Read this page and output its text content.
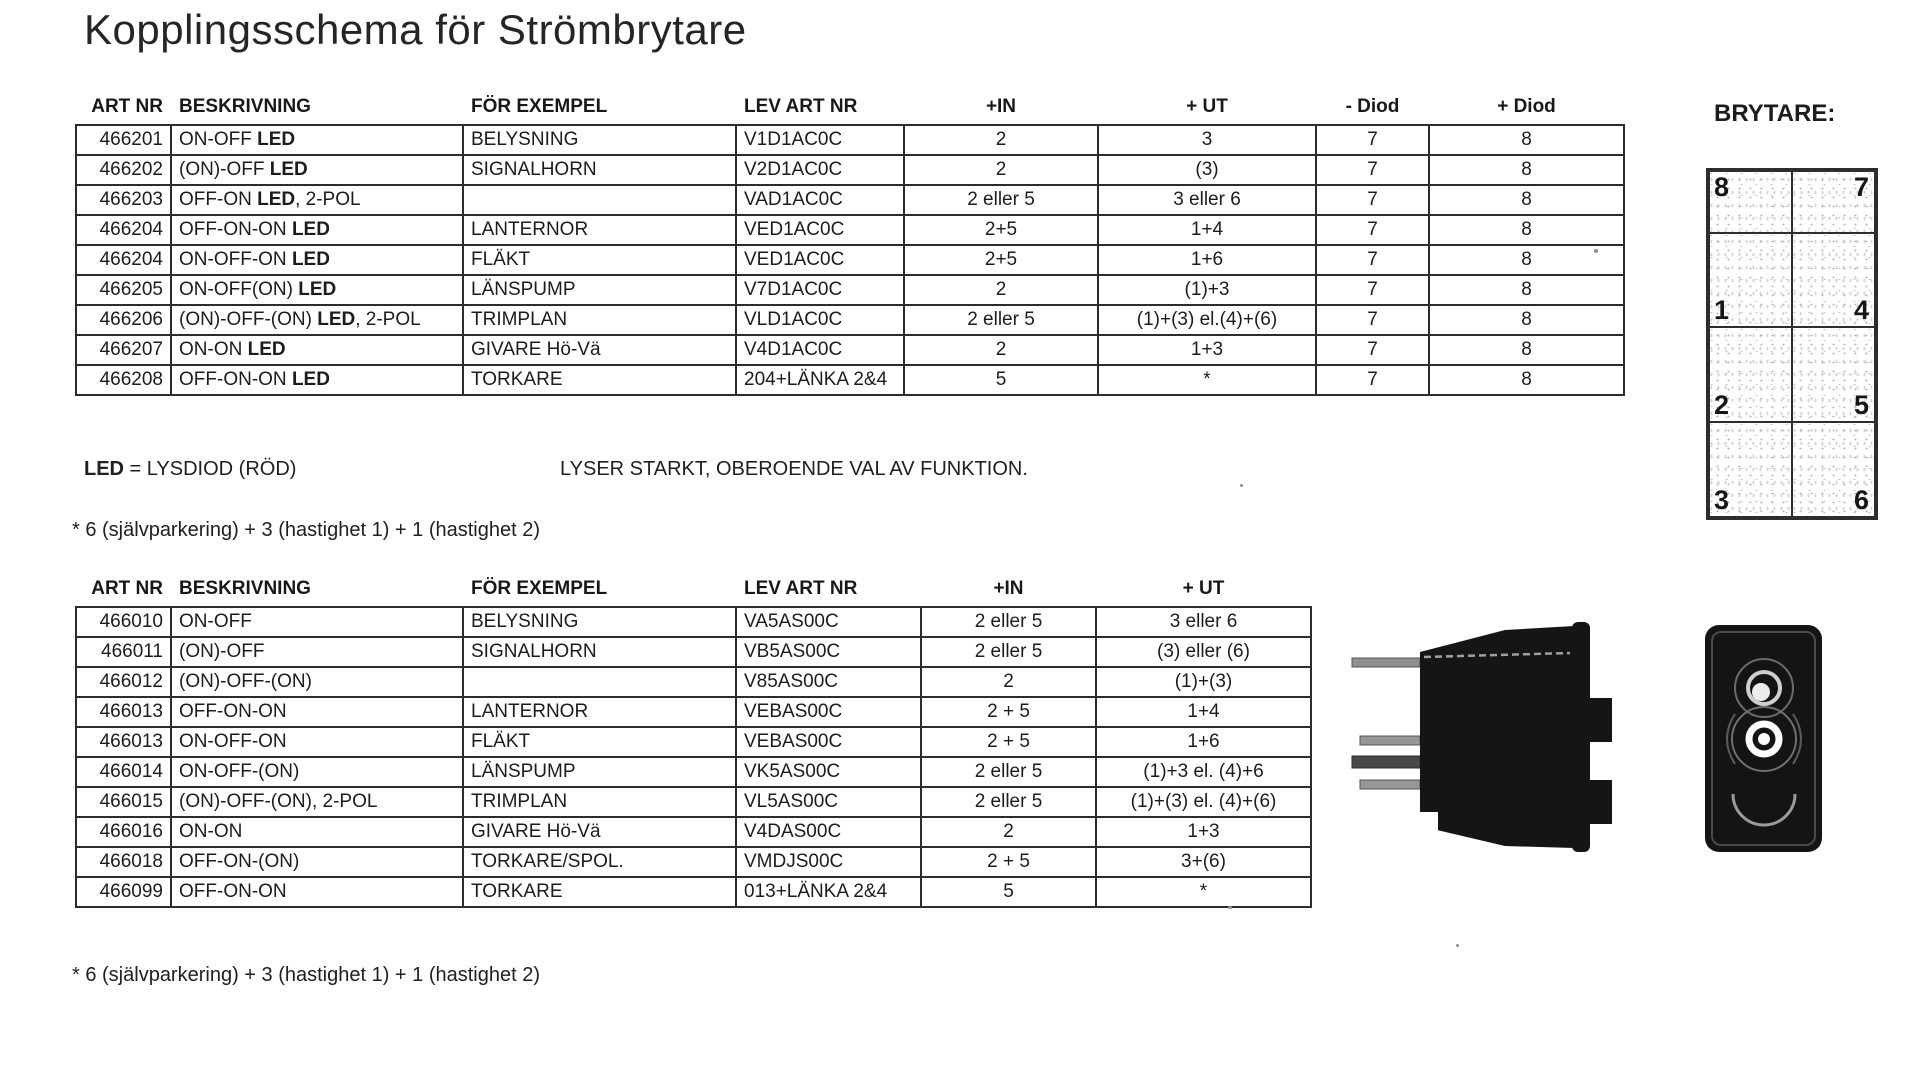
Kopplingsschema för Strömbrytare
ART NR	BESKRIVNING	FÖR EXEMPEL	LEV ART NR	+IN	+ UT	- Diod	+ Diod
466201	ON-OFF LED	BELYSNING	V1D1AC0C	2	3	7	8
466202	(ON)-OFF LED	SIGNALHORN	V2D1AC0C	2	(3)	7	8
466203	OFF-ON LED, 2-POL		VAD1AC0C	2 eller 5	3 eller 6	7	8
466204	OFF-ON-ON LED	LANTERNOR	VED1AC0C	2+5	1+4	7	8
466204	ON-OFF-ON LED	FLÄKT	VED1AC0C	2+5	1+6	7	8
466205	ON-OFF(ON) LED	LÄNSPUMP	V7D1AC0C	2	(1)+3	7	8
466206	(ON)-OFF-(ON) LED, 2-POL	TRIMPLAN	VLD1AC0C	2 eller 5	(1)+(3) el.(4)+(6)	7	8
466207	ON-ON LED	GIVARE Hö-Vä	V4D1AC0C	2	1+3	7	8
466208	OFF-ON-ON LED	TORKARE	204+LÄNKA 2&4	5	*	7	8
BRYTARE:
8	7
1	4
2	5
3	6
LED = LYSDIOD (RÖD)	LYSER STARKT, OBEROENDE VAL AV FUNKTION.
* 6 (självparkering) + 3 (hastighet 1) + 1 (hastighet 2)
ART NR	BESKRIVNING	FÖR EXEMPEL	LEV ART NR	+IN	+ UT
466010	ON-OFF	BELYSNING	VA5AS00C	2 eller 5	3 eller 6
466011	(ON)-OFF	SIGNALHORN	VB5AS00C	2 eller 5	(3) eller (6)
466012	(ON)-OFF-(ON)		V85AS00C	2	(1)+(3)
466013	OFF-ON-ON	LANTERNOR	VEBAS00C	2 + 5	1+4
466013	ON-OFF-ON	FLÄKT	VEBAS00C	2 + 5	1+6
466014	ON-OFF-(ON)	LÄNSPUMP	VK5AS00C	2 eller 5	(1)+3 el. (4)+6
466015	(ON)-OFF-(ON), 2-POL	TRIMPLAN	VL5AS00C	2 eller 5	(1)+(3) el. (4)+(6)
466016	ON-ON	GIVARE Hö-Vä	V4DAS00C	2	1+3
466018	OFF-ON-(ON)	TORKARE/SPOL.	VMDJS00C	2 + 5	3+(6)
466099	OFF-ON-ON	TORKARE	013+LÄNKA 2&4	5	*
* 6 (självparkering) + 3 (hastighet 1) + 1 (hastighet 2)
